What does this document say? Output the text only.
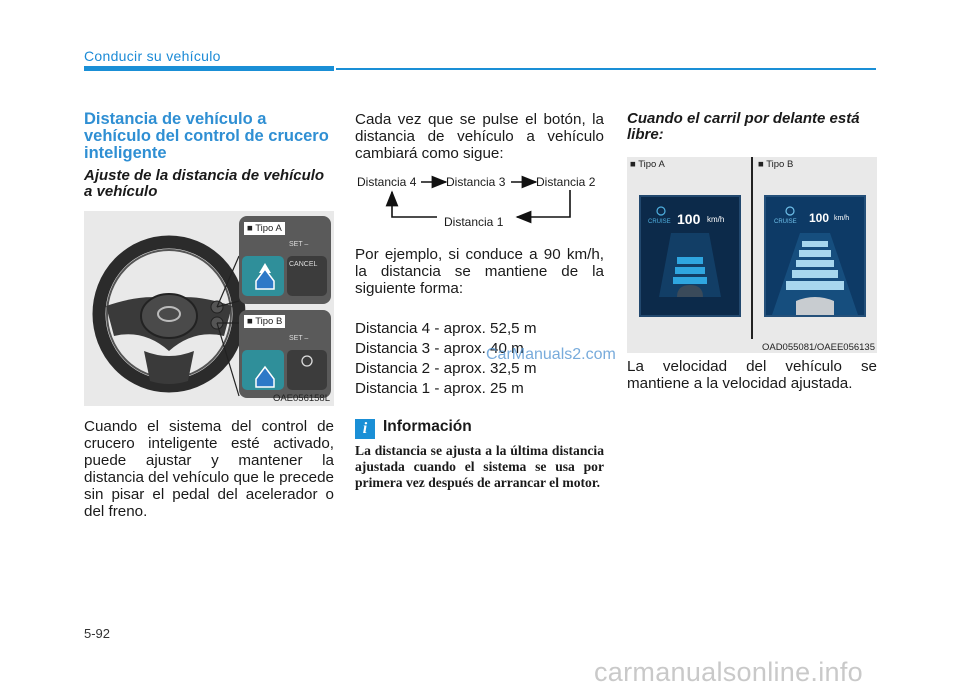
Conducir su vehículo
Distancia de vehículo a vehículo del control de crucero inteligente
Ajuste de la distancia de vehículo a vehículo
■ Tipo A
CANCEL
SET –
■ Tipo B
SET –
OAE056158L
Cuando el sistema del control de crucero inteligente esté activado, puede ajustar y mantener la distancia del vehículo que le precede sin pisar el pedal del acelerador o del freno.
Cada vez que se pulse el botón, la distancia de vehículo a vehículo cambiará como sigue:
Distancia 4 Distancia 3	Distancia 2
Distancia 1
Por ejemplo, si conduce a 90 km/h, la distancia se mantiene de la siguiente forma:
Distancia 4 - aprox. 52,5 m
Distancia 3 - aprox. 40 m
Distancia 2 - aprox. 32,5 m
Distancia 1 - aprox. 25 m
i	Información
La distancia se ajusta a la última distancia ajustada cuando el sistema se usa por primera vez después de arrancar el motor.
CarManuals2.com
Cuando el carril por delante está libre:
■ Tipo A	■ Tipo B
CRUISE 100 km/h	CRUISE 100 km/h
OAD055081/OAEE056135
La velocidad del vehículo se mantiene a la velocidad ajustada.
5-92
carmanualsonline.info
